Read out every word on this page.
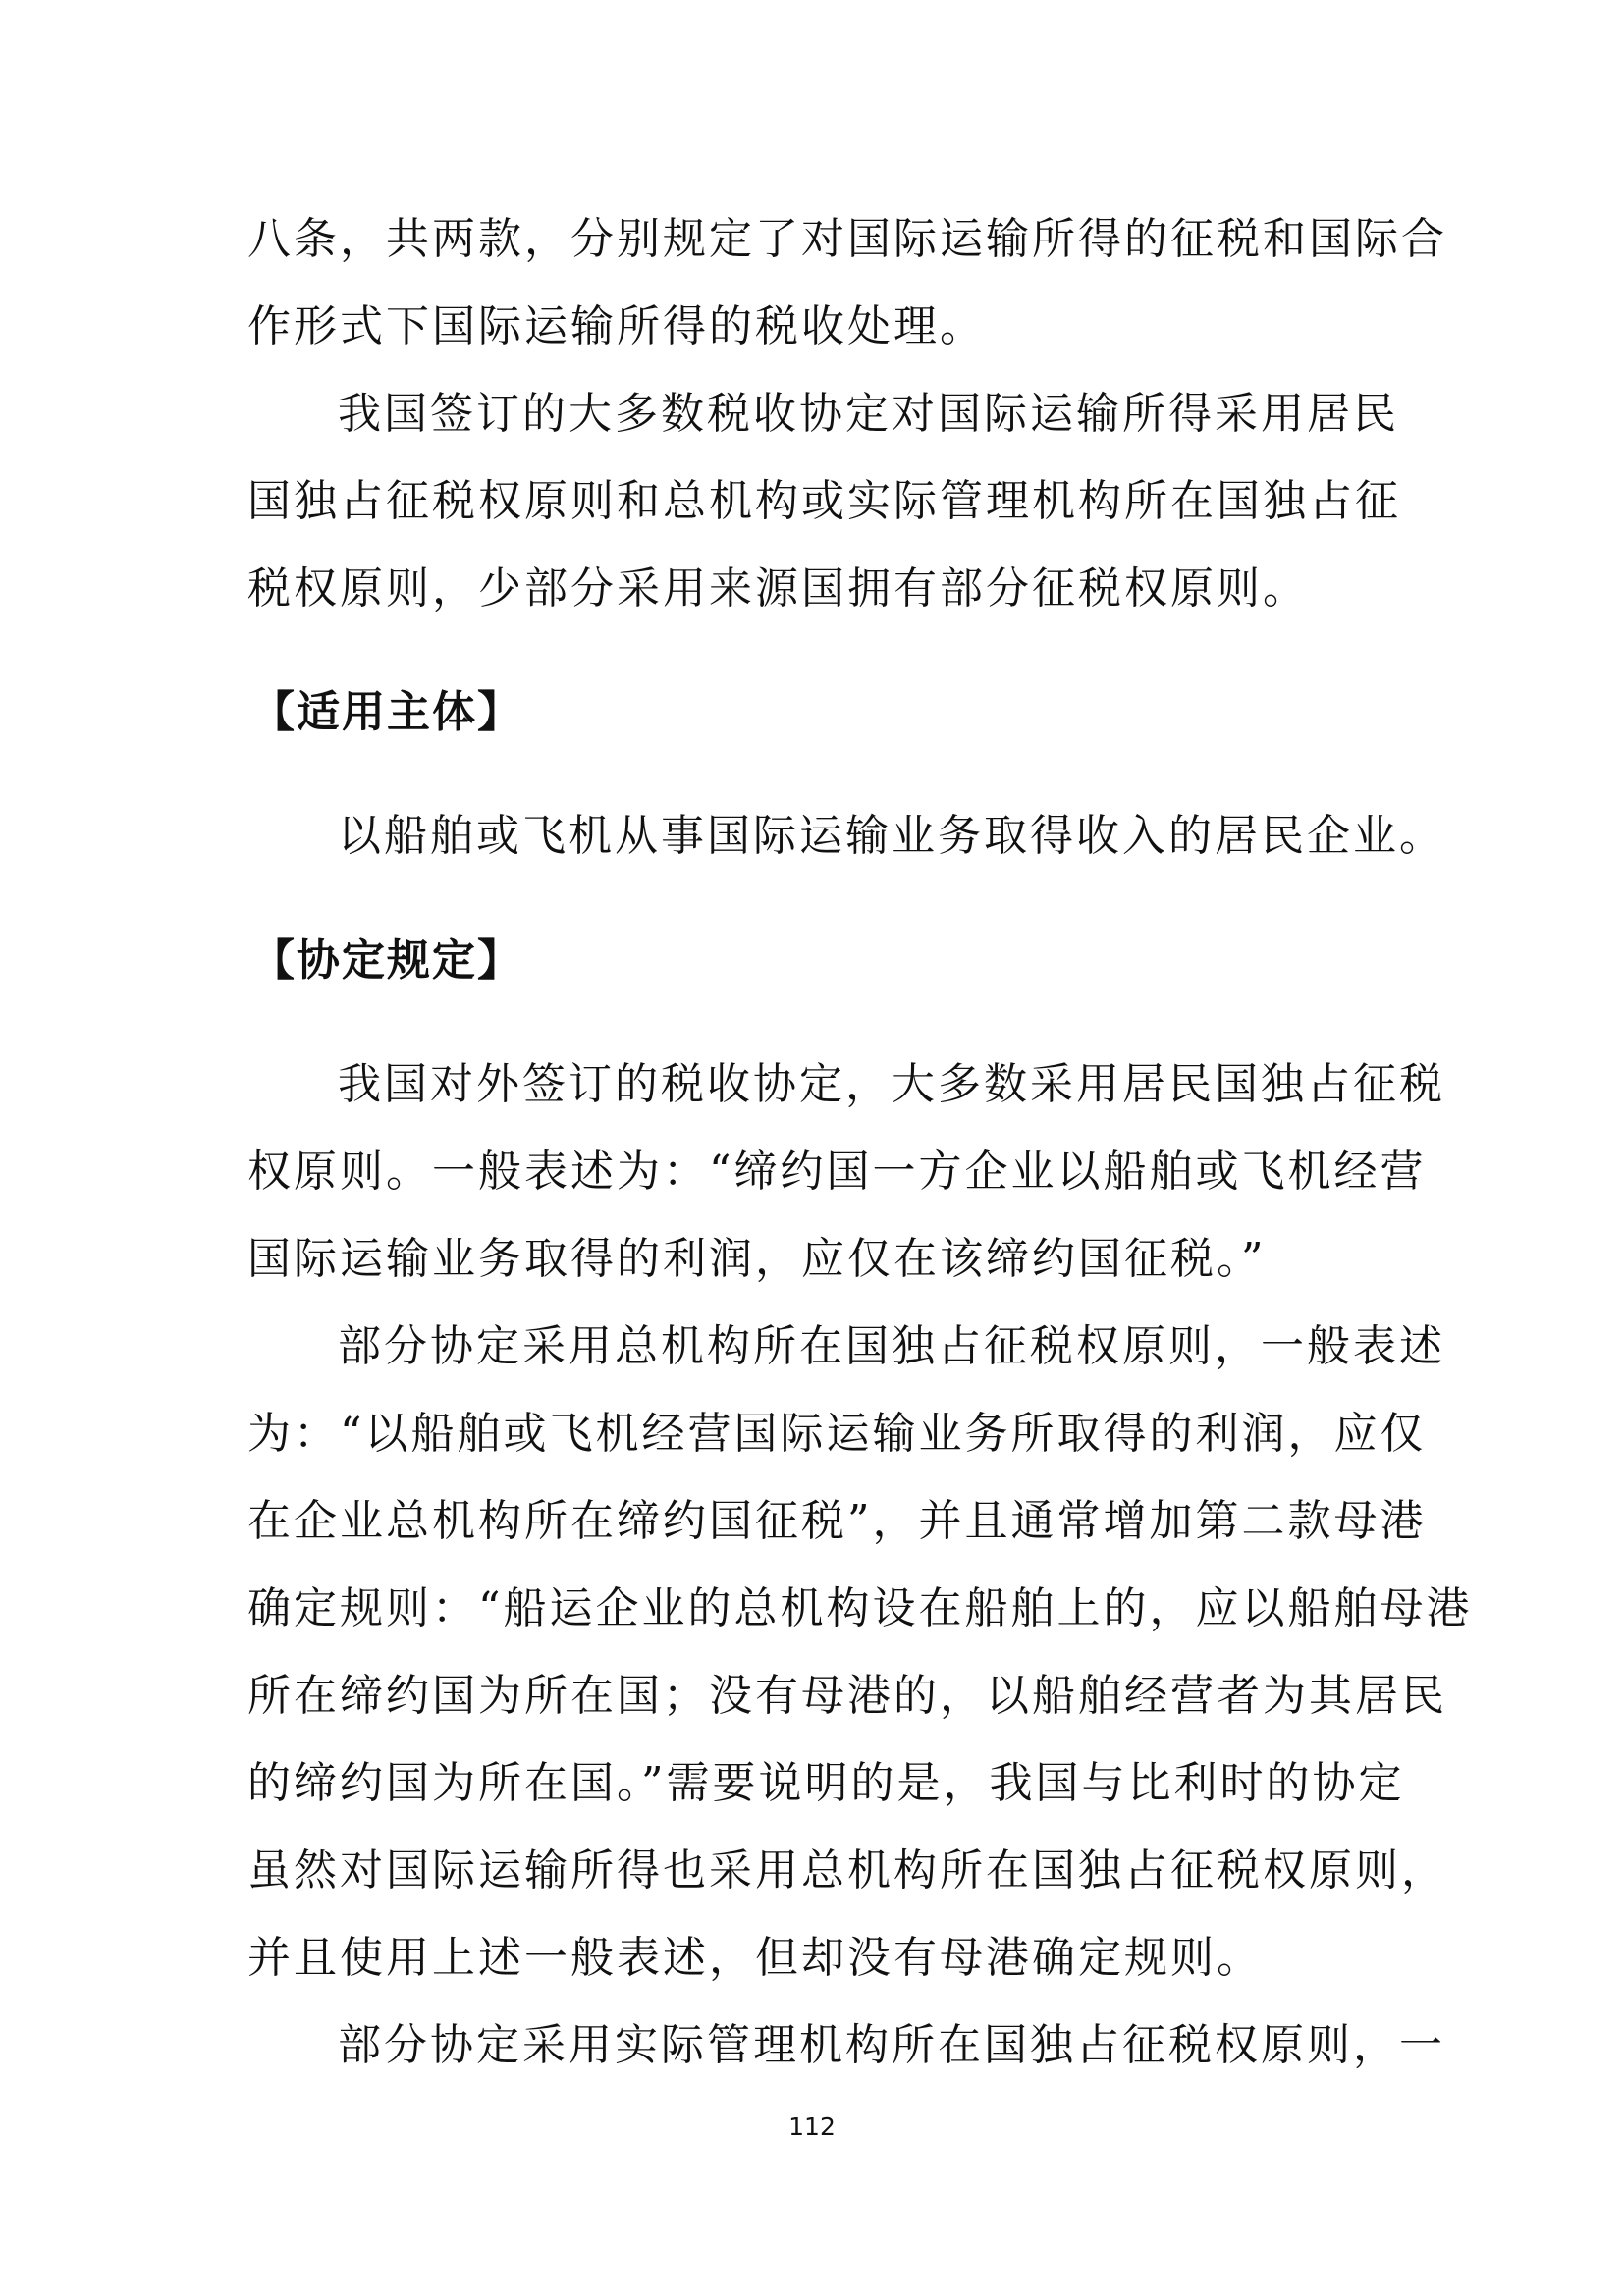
八条，共两款，分别规定了对国际运输所得的征税和国际合
作形式下国际运输所得的税收处理。
我国签订的大多数税收协定对国际运输所得采用居民
国独占征税权原则和总机构或实际管理机构所在国独占征
税权原则，少部分采用来源国拥有部分征税权原则。
【适用主体】
以船舶或飞机从事国际运输业务取得收入的居民企业。
【协定规定】
我国对外签订的税收协定，大多数采用居民国独占征税
权原则。一般表述为：“缔约国一方企业以船舶或飞机经营
国际运输业务取得的利润，应仅在该缔约国征税。”
部分协定采用总机构所在国独占征税权原则，一般表述
为：“以船舶或飞机经营国际运输业务所取得的利润，应仅
在企业总机构所在缔约国征税”，并且通常增加第二款母港
确定规则：“船运企业的总机构设在船舶上的，应以船舶母港
所在缔约国为所在国；没有母港的，以船舶经营者为其居民
的缔约国为所在国。”需要说明的是，我国与比利时的协定
虽然对国际运输所得也采用总机构所在国独占征税权原则，
并且使用上述一般表述，但却没有母港确定规则。
部分协定采用实际管理机构所在国独占征税权原则，一
112
